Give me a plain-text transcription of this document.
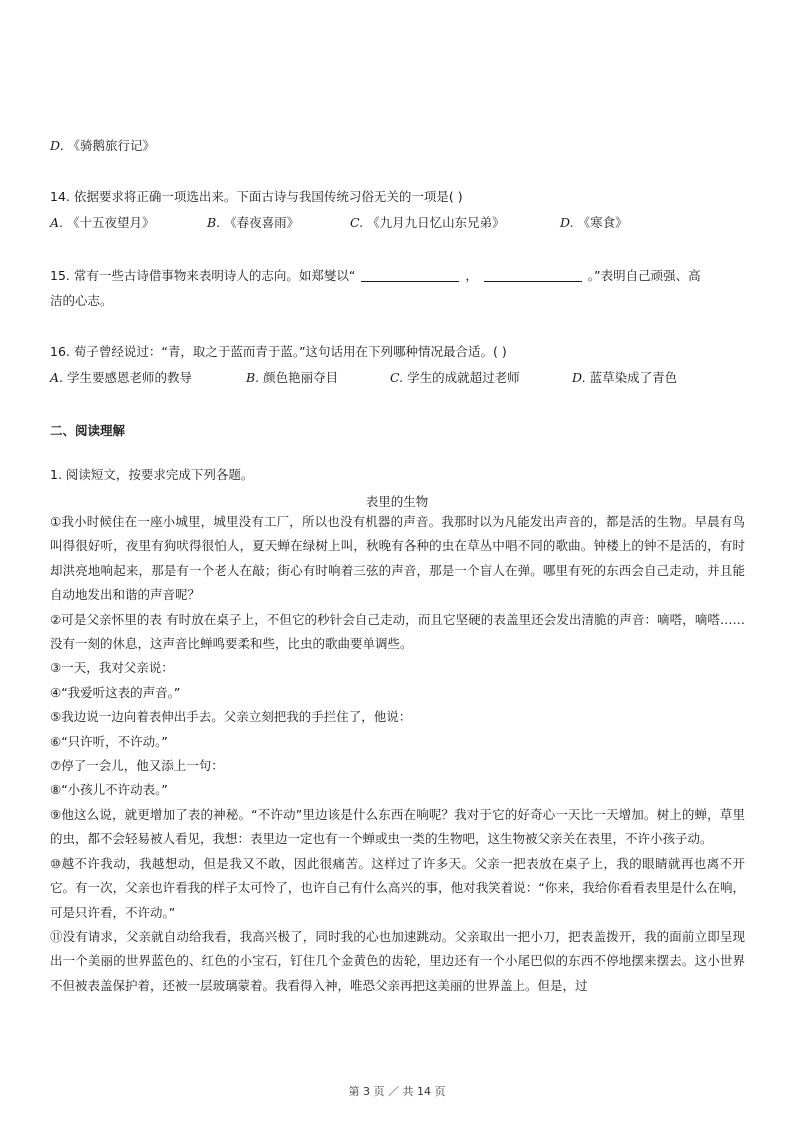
D. 《骑鹅旅行记》
14. 依据要求将正确一项选出来。下面古诗与我国传统习俗无关的一项是( )
A. 《十五夜望月》	B. 《春夜喜雨》	C. 《九月九日忆山东兄弟》	D. 《寒食》
15. 常有一些古诗借事物来表明诗人的志向。如郑燮以“	，	。”表明自己顽强、高
洁的心志。
16. 荀子曾经说过：“青，取之于蓝而青于蓝。”这句话用在下列哪种情况最合适。( )
A. 学生要感恩老师的教导	B. 颜色艳丽夺目	C. 学生的成就超过老师	D. 蓝草染成了青色
二、阅读理解
1. 阅读短文，按要求完成下列各题。
表里的生物
①我小时候住在一座小城里，城里没有工厂，所以也没有机器的声音。我那时以为凡能发出声音的，都是活的生物。早晨有鸟叫得很好听，夜里有狗吠得很怕人，夏天蝉在绿树上叫，秋晚有各种的虫在草丛中唱不同的歌曲。钟楼上的钟不是活的，有时却洪亮地响起来，那是有一个老人在敲；街心有时响着三弦的声音，那是一个盲人在弹。哪里有死的东西会自己走动，并且能自动地发出和谐的声音呢？
②可是父亲怀里的表 有时放在桌子上，不但它的秒针会自己走动，而且它坚硬的表盖里还会发出清脆的声音：嘀嗒，嘀嗒……没有一刻的休息，这声音比蝉鸣要柔和些，比虫的歌曲要单调些。
③一天，我对父亲说：
④“我爱听这表的声音。”
⑤我边说一边向着表伸出手去。父亲立刻把我的手拦住了，他说：
⑥“只许听，不许动。”
⑦停了一会儿，他又添上一句：
⑧“小孩儿不许动表。”
⑨他这么说，就更增加了表的神秘。“不许动”里边该是什么东西在响呢？我对于它的好奇心一天比一天增加。树上的蝉，草里的虫，都不会轻易被人看见，我想：表里边一定也有一个蝉或虫一类的生物吧，这生物被父亲关在表里，不许小孩子动。
⑩越不许我动，我越想动，但是我又不敢，因此很痛苦。这样过了许多天。父亲一把表放在桌子上，我的眼睛就再也离不开它。有一次，父亲也许看我的样子太可怜了，也许自己有什么高兴的事，他对我笑着说：“你来，我给你看看表里是什么在响，可是只许看，不许动。”
⑪没有请求，父亲就自动给我看，我高兴极了，同时我的心也加速跳动。父亲取出一把小刀，把表盖拨开，我的面前立即呈现出一个美丽的世界蓝色的、红色的小宝石，钉住几个金黄色的齿轮，里边还有一个小尾巴似的东西不停地摆来摆去。这小世界不但被表盖保护着，还被一层玻璃蒙着。我看得入神，唯恐父亲再把这美丽的世界盖上。但是，过
第 3 页 ／ 共 14 页
